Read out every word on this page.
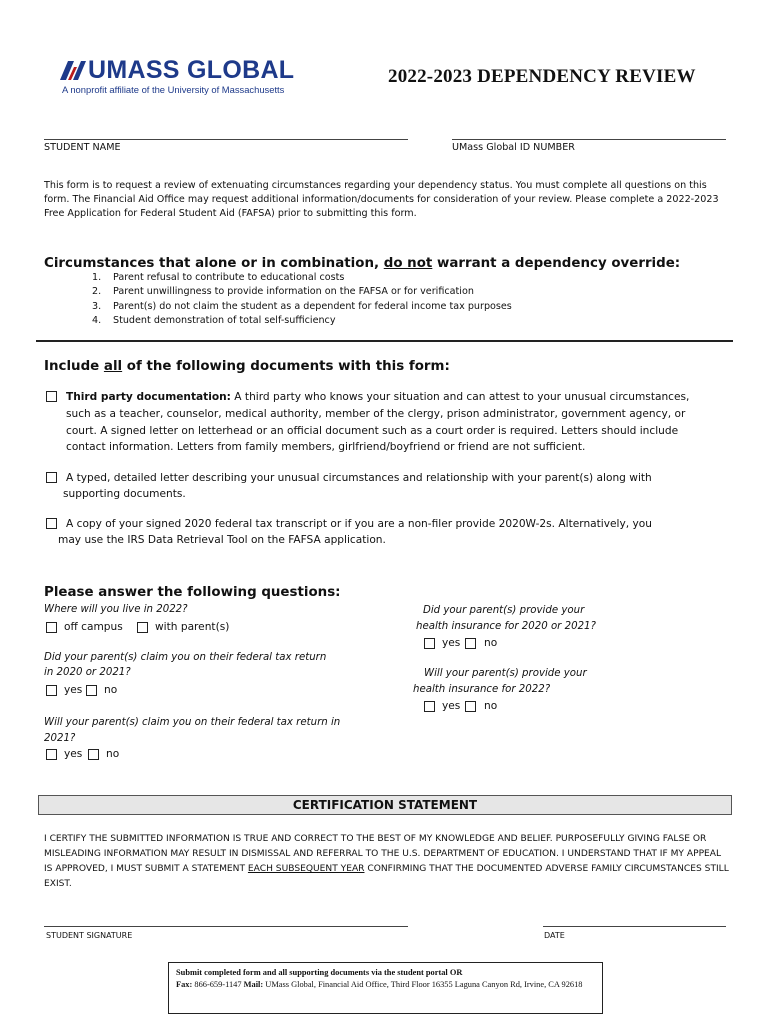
UMASS GLOBAL
A nonprofit affiliate of the University of Massachusetts
2022-2023 DEPENDENCY REVIEW
STUDENT NAME	UMass Global ID NUMBER
This form is to request a review of extenuating circumstances regarding your dependency status. You must complete all questions on this form. The Financial Aid Office may request additional information/documents for consideration of your review. Please complete a 2022-2023 Free Application for Federal Student Aid (FAFSA) prior to submitting this form.
Circumstances that alone or in combination, do not warrant a dependency override:
1.	Parent refusal to contribute to educational costs
2.	Parent unwillingness to provide information on the FAFSA or for verification
3.	Parent(s) do not claim the student as a dependent for federal income tax purposes
4.	Student demonstration of total self-sufficiency
Include all of the following documents with this form:
Third party documentation: A third party who knows your situation and can attest to your unusual circumstances,
such as a teacher, counselor, medical authority, member of the clergy, prison administrator, government agency, or court. A signed letter on letterhead or an official document such as a court order is required. Letters should include contact information. Letters from family members, girlfriend/boyfriend or friend are not sufficient.
A typed, detailed letter describing your unusual circumstances and relationship with your parent(s) along with
supporting documents.
A copy of your signed 2020 federal tax transcript or if you are a non-filer provide 2020W-2s. Alternatively, you
may use the IRS Data Retrieval Tool on the FAFSA application.
Please answer the following questions:
Where will you live in 2022?
off campus	with parent(s)
Did your parent(s) claim you on their federal tax return
in 2020 or 2021?
yes no
Will your parent(s) claim you on their federal tax return in
2021?
yes no
Did your parent(s) provide your
health insurance for 2020 or 2021?
yes no
Will your parent(s) provide your
health insurance for 2022?
yes no
CERTIFICATION STATEMENT
I CERTIFY THE SUBMITTED INFORMATION IS TRUE AND CORRECT TO THE BEST OF MY KNOWLEDGE AND BELIEF. PURPOSEFULLY GIVING FALSE OR MISLEADING INFORMATION MAY RESULT IN DISMISSAL AND REFERRAL TO THE U.S. DEPARTMENT OF EDUCATION. I UNDERSTAND THAT IF MY APPEAL IS APPROVED, I MUST SUBMIT A STATEMENT EACH SUBSEQUENT YEAR CONFIRMING THAT THE DOCUMENTED ADVERSE FAMILY CIRCUMSTANCES STILL EXIST.
STUDENT SIGNATURE	DATE
Submit completed form and all supporting documents via the student portal OR
Fax: 866-659-1147 Mail: UMass Global, Financial Aid Office, Third Floor 16355 Laguna Canyon Rd, Irvine, CA 92618
